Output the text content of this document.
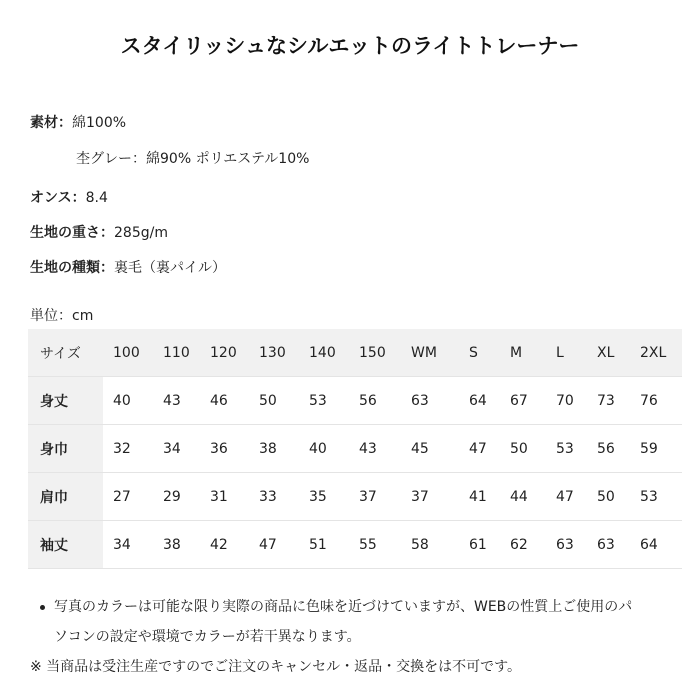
スタイリッシュなシルエットのライトトレーナー
素材：綿100%
杢グレー：綿90% ポリエステル10%
オンス：8.4
生地の重さ：285g/m
生地の種類：裏毛（裏パイル）
単位：cm
サイズ	100	110	120	130	140	150	WM	S	M	L	XL	2XL
身丈	40	43	46	50	53	56	63	64	67	70	73	76
身巾	32	34	36	38	40	43	45	47	50	53	56	59
肩巾	27	29	31	33	35	37	37	41	44	47	50	53
袖丈	34	38	42	47	51	55	58	61	62	63	63	64
写真のカラーは可能な限り実際の商品に色味を近づけていますが、WEBの性質上ご使用のパ
ソコンの設定や環境でカラーが若干異なります。
※ 当商品は受注生産ですのでご注文のキャンセル・返品・交換をは不可です。
